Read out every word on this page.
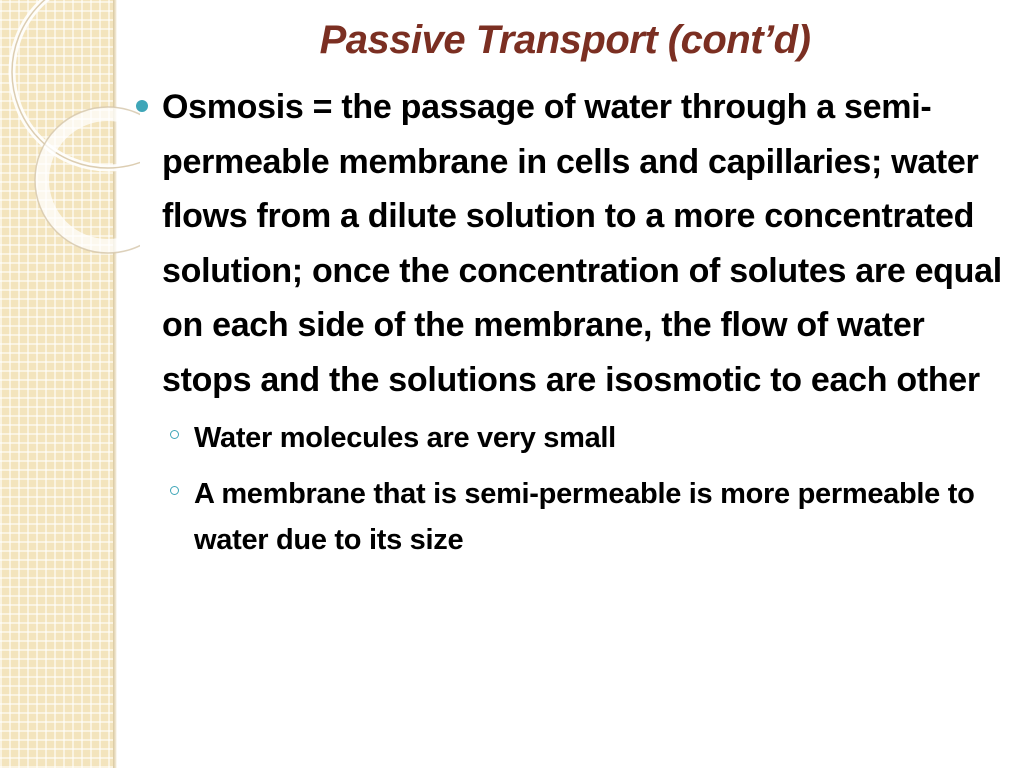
Passive Transport (cont’d)
Osmosis = the passage of water through a semi-permeable membrane in cells and capillaries; water flows from a dilute solution to a more concentrated solution; once the concentration of solutes are equal on each side of the membrane, the flow of water stops and the solutions are isosmotic to each other
Water molecules are very small
A membrane that is semi-permeable is more permeable to water due to its size
